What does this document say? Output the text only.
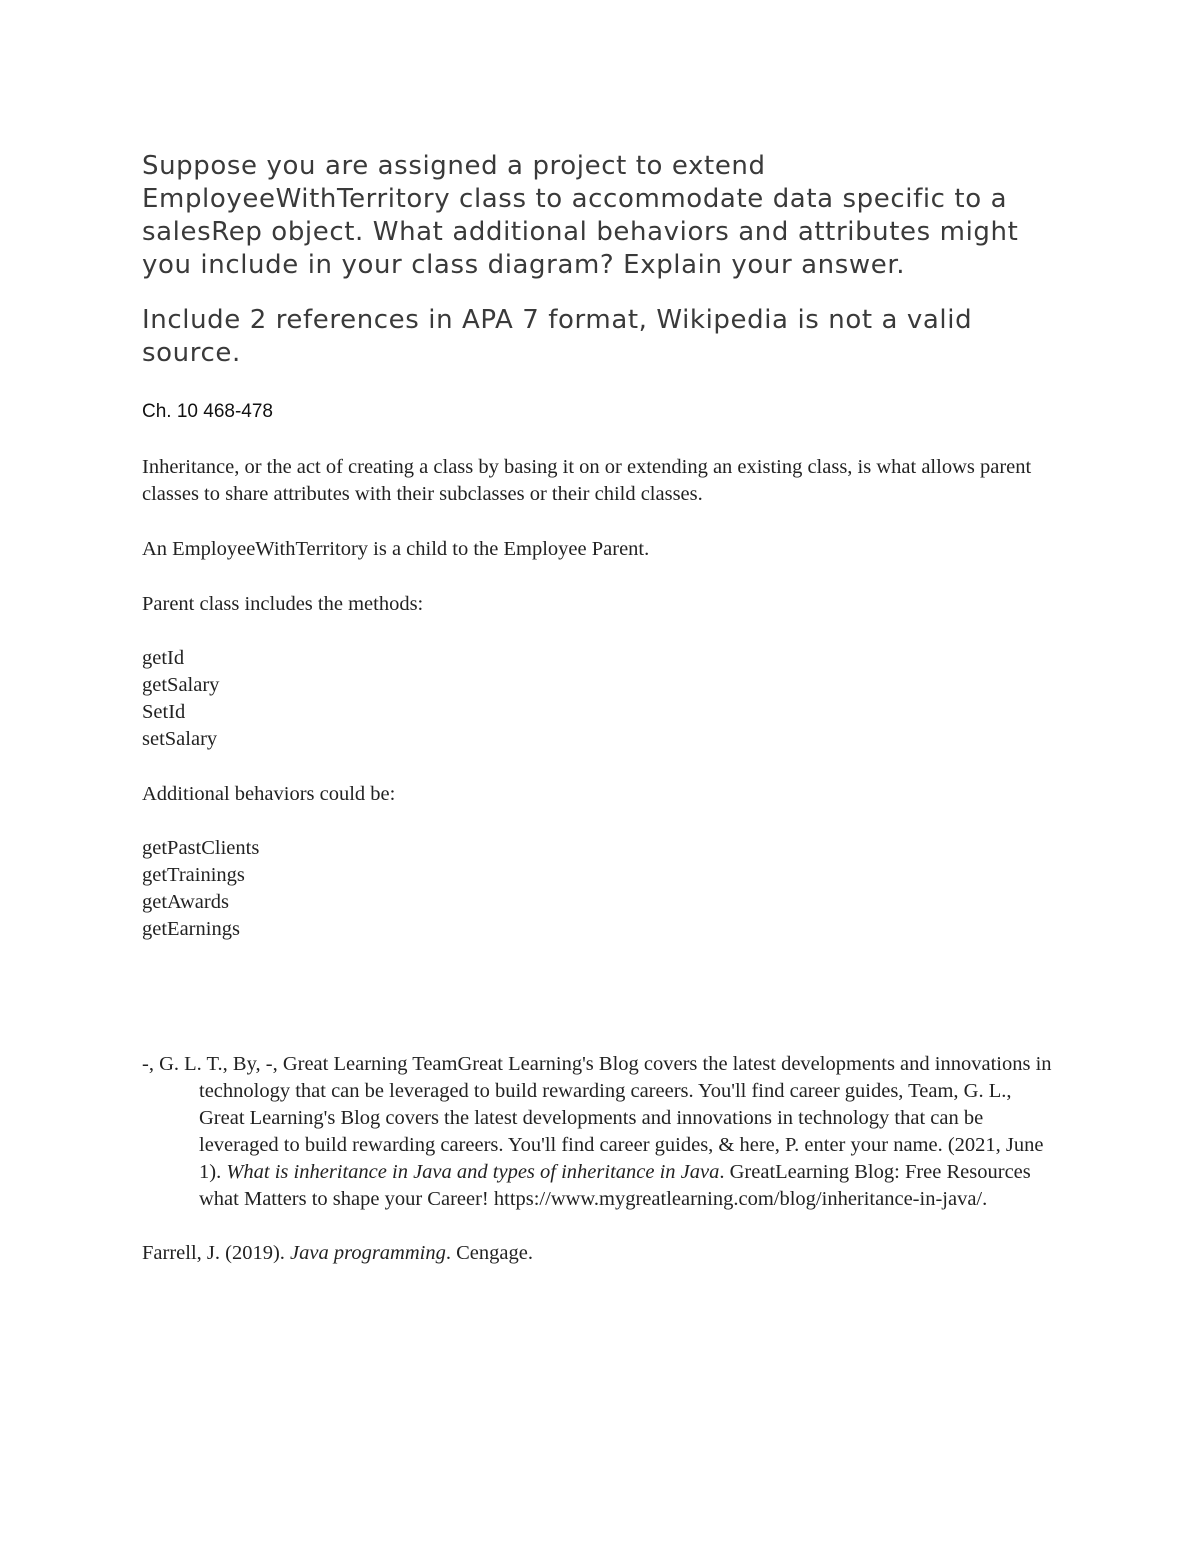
Suppose you are assigned a project to extend EmployeeWithTerritory class to accommodate data specific to a salesRep object. What additional behaviors and attributes might you include in your class diagram? Explain your answer.

Include 2 references in APA 7 format, Wikipedia is not a valid source.

Ch. 10 468-478

Inheritance, or the act of creating a class by basing it on or extending an existing class, is what allows parent classes to share attributes with their subclasses or their child classes.

An EmployeeWithTerritory is a child to the Employee Parent.

Parent class includes the methods:

getId
getSalary
SetId
setSalary

Additional behaviors could be:

getPastClients
getTrainings
getAwards
getEarnings

-, G. L. T., By, -, Great Learning TeamGreat Learning's Blog covers the latest developments and innovations in technology that can be leveraged to build rewarding careers. You'll find career guides, Team, G. L., Great Learning's Blog covers the latest developments and innovations in technology that can be leveraged to build rewarding careers. You'll find career guides, & here, P. enter your name. (2021, June 1). What is inheritance in Java and types of inheritance in Java. GreatLearning Blog: Free Resources what Matters to shape your Career! https://www.mygreatlearning.com/blog/inheritance-in-java/.

Farrell, J. (2019). Java programming. Cengage.
